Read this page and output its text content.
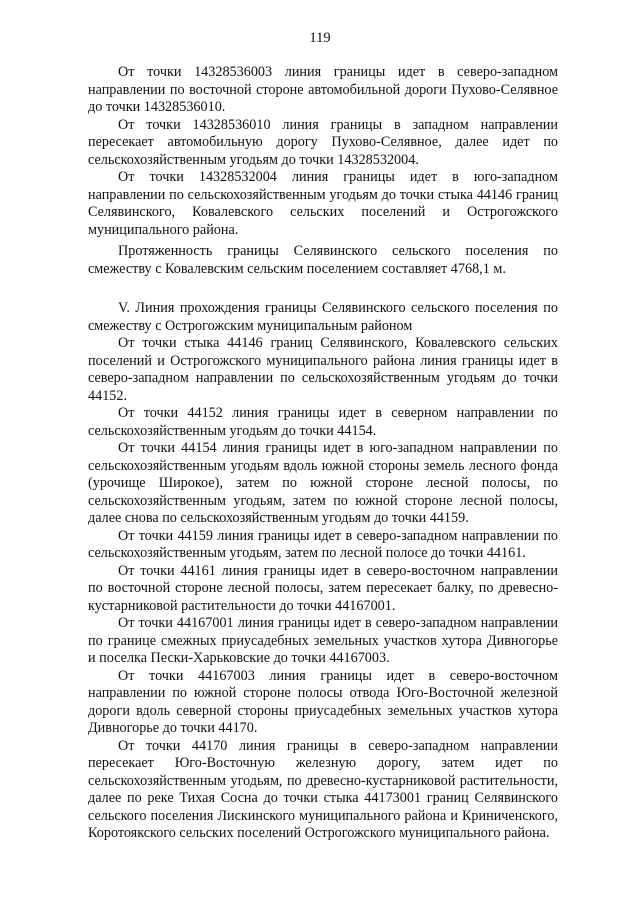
119

От точки 14328536003 линия границы идет в северо-западном направлении по восточной стороне автомобильной дороги Пухово-Селявное до точки 14328536010.

От точки 14328536010 линия границы в западном направлении пересекает автомобильную дорогу Пухово-Селявное, далее идет по сельскохозяйственным угодьям до точки 14328532004.

От точки 14328532004 линия границы идет в юго-западном направлении по сельскохозяйственным угодьям до точки стыка 44146 границ Селявинского, Ковалевского сельских поселений и Острогожского муниципального района.

Протяженность границы Селявинского сельского поселения по смежеству с Ковалевским сельским поселением составляет 4768,1 м.

V. Линия прохождения границы Селявинского сельского поселения по смежеству с Острогожским муниципальным районом

От точки стыка 44146 границ Селявинского, Ковалевского сельских поселений и Острогожского муниципального района линия границы идет в северо-западном направлении по сельскохозяйственным угодьям до точки 44152.

От точки 44152 линия границы идет в северном направлении по сельскохозяйственным угодьям до точки 44154.

От точки 44154 линия границы идет в юго-западном направлении по сельскохозяйственным угодьям вдоль южной стороны земель лесного фонда (урочище Широкое), затем по южной стороне лесной полосы, по сельскохозяйственным угодьям, затем по южной стороне лесной полосы, далее снова по сельскохозяйственным угодьям до точки 44159.

От точки 44159 линия границы идет в северо-западном направлении по сельскохозяйственным угодьям, затем по лесной полосе до точки 44161.

От точки 44161 линия границы идет в северо-восточном направлении по восточной стороне лесной полосы, затем пересекает балку, по древесно-кустарниковой растительности до точки 44167001.

От точки 44167001 линия границы идет в северо-западном направлении по границе смежных приусадебных земельных участков хутора Дивногорье и поселка Пески-Харьковские до точки 44167003.

От точки 44167003 линия границы идет в северо-восточном направлении по южной стороне полосы отвода Юго-Восточной железной дороги вдоль северной стороны приусадебных земельных участков хутора Дивногорье до точки 44170.

От точки 44170 линия границы в северо-западном направлении пересекает Юго-Восточную железную дорогу, затем идет по сельскохозяйственным угодьям, по древесно-кустарниковой растительности, далее по реке Тихая Сосна до точки стыка 44173001 границ Селявинского сельского поселения Лискинского муниципального района и Криниченского, Коротоякского сельских поселений Острогожского муниципального района.
